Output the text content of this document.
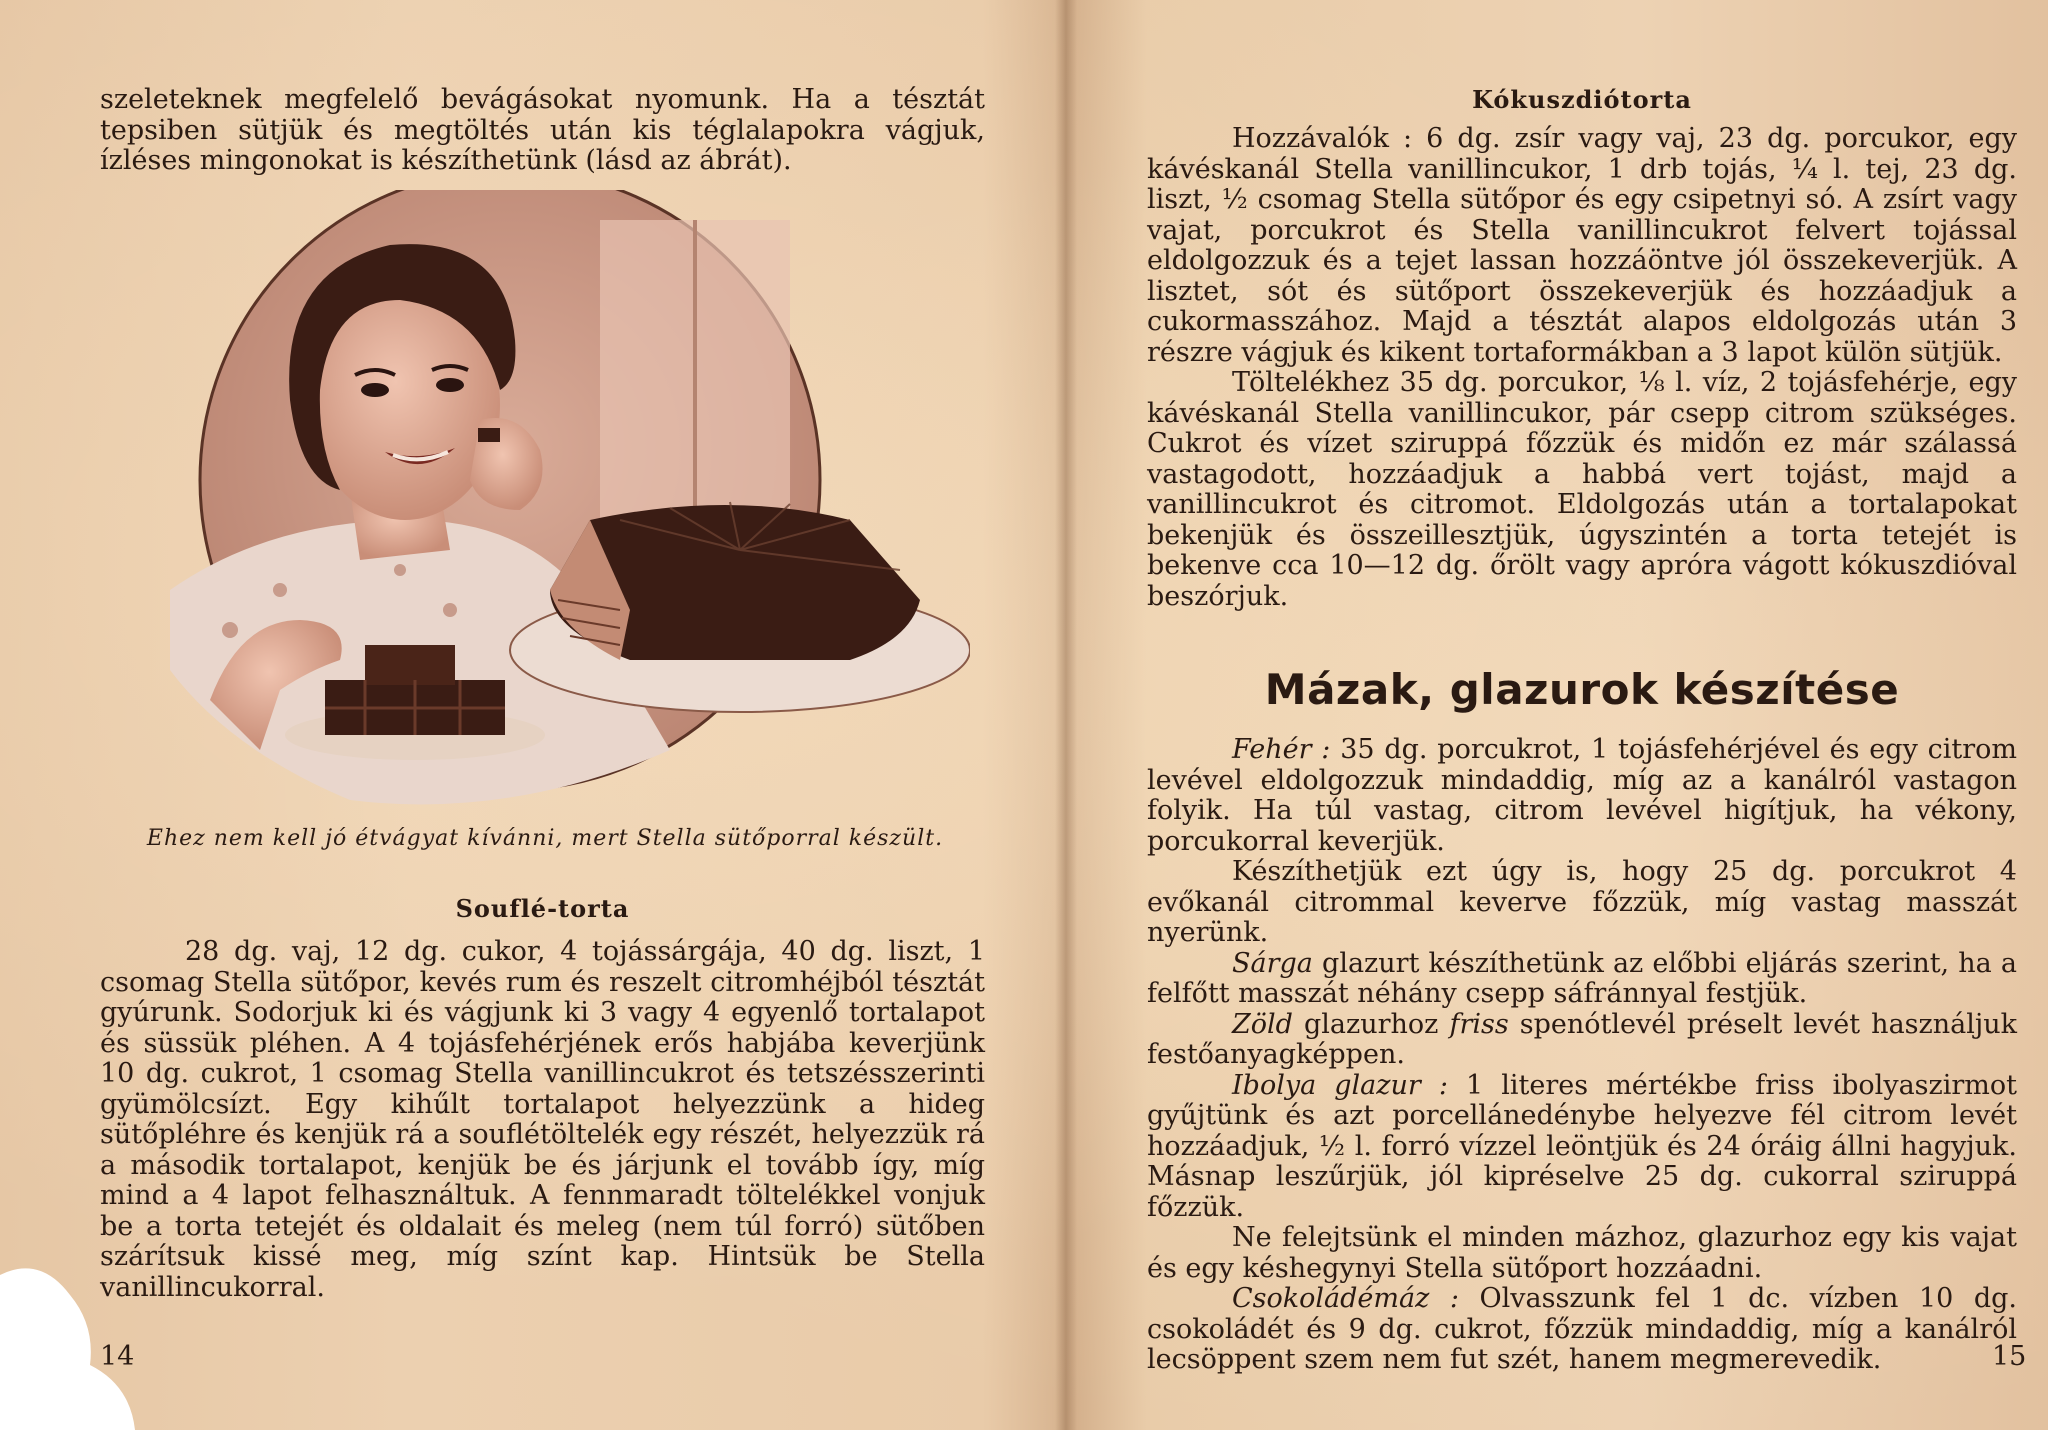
szeleteknek megfelelő bevágásokat nyomunk. Ha a tésztát tepsiben sütjük és megtöltés után kis téglalapokra vágjuk, ízléses mingonokat is készíthetünk (lásd az ábrát).

Ehez nem kell jó étvágyat kívánni, mert Stella sütőporral készült.
Souflé-torta

28 dg. vaj, 12 dg. cukor, 4 tojássárgája, 40 dg. liszt, 1 csomag Stella sütőpor, kevés rum és reszelt citromhéjból tésztát gyúrunk. Sodorjuk ki és vágjunk ki 3 vagy 4 egyenlő tortalapot és süssük pléhen. A 4 tojásfehérjének erős habjába keverjünk 10 dg. cukrot, 1 csomag Stella vanillincukrot és tetszésszerinti gyümölcsízt. Egy kihűlt tortalapot helyezzünk a hideg sütőpléhre és kenjük rá a souflétöltelék egy részét, helyezzük rá a második tortalapot, kenjük be és járjunk el tovább így, míg mind a 4 lapot felhasználtuk. A fennmaradt töltelékkel vonjuk be a torta tetejét és oldalait és meleg (nem túl forró) sütőben szárítsuk kissé meg, míg színt kap. Hintsük be Stella vanillincukorral.

14
Kókuszdiótorta

Hozzávalók : 6 dg. zsír vagy vaj, 23 dg. porcukor, egy kávéskanál Stella vanillincukor, 1 drb tojás, ¼ l. tej, 23 dg. liszt, ½ csomag Stella sütőpor és egy csipetnyi só. A zsírt vagy vajat, porcukrot és Stella vanillincukrot felvert tojással eldolgozzuk és a tejet lassan hozzáöntve jól összekeverjük. A lisztet, sót és sütőport összekeverjük és hozzáadjuk a cukormasszához. Majd a tésztát alapos eldolgozás után 3 részre vágjuk és kikent tortaformákban a 3 lapot külön sütjük.

Töltelékhez 35 dg. porcukor, ⅛ l. víz, 2 tojásfehérje, egy kávéskanál Stella vanillincukor, pár csepp citrom szükséges. Cukrot és vízet sziruppá főzzük és midőn ez már szálassá vastagodott, hozzáadjuk a habbá vert tojást, majd a vanillincukrot és citromot. Eldolgozás után a tortalapokat bekenjük és összeillesztjük, úgyszintén a torta tetejét is bekenve cca 10—12 dg. őrölt vagy apróra vágott kókuszdióval beszórjuk.

Mázak, glazurok készítése

Fehér : 35 dg. porcukrot, 1 tojásfehérjével és egy citrom levével eldolgozzuk mindaddig, míg az a kanálról vastagon folyik. Ha túl vastag, citrom levével higítjuk, ha vékony, porcukorral keverjük.

Készíthetjük ezt úgy is, hogy 25 dg. porcukrot 4 evőkanál citrommal keverve főzzük, míg vastag masszát nyerünk.

Sárga glazurt készíthetünk az előbbi eljárás szerint, ha a felfőtt masszát néhány csepp sáfránnyal festjük.

Zöld glazurhoz friss spenótlevél préselt levét használjuk festőanyagképpen.

Ibolya glazur : 1 literes mértékbe friss ibolyaszirmot gyűjtünk és azt porcellánedénybe helyezve fél citrom levét hozzáadjuk, ½ l. forró vízzel leöntjük és 24 óráig állni hagyjuk. Másnap leszűrjük, jól kipréselve 25 dg. cukorral sziruppá főzzük.

Ne felejtsünk el minden mázhoz, glazurhoz egy kis vajat és egy késhegynyi Stella sütőport hozzáadni.

Csokoládémáz : Olvasszunk fel 1 dc. vízben 10 dg. csokoládét és 9 dg. cukrot, főzzük mindaddig, míg a kanálról lecsöppent szem nem fut szét, hanem megmerevedik.	15
